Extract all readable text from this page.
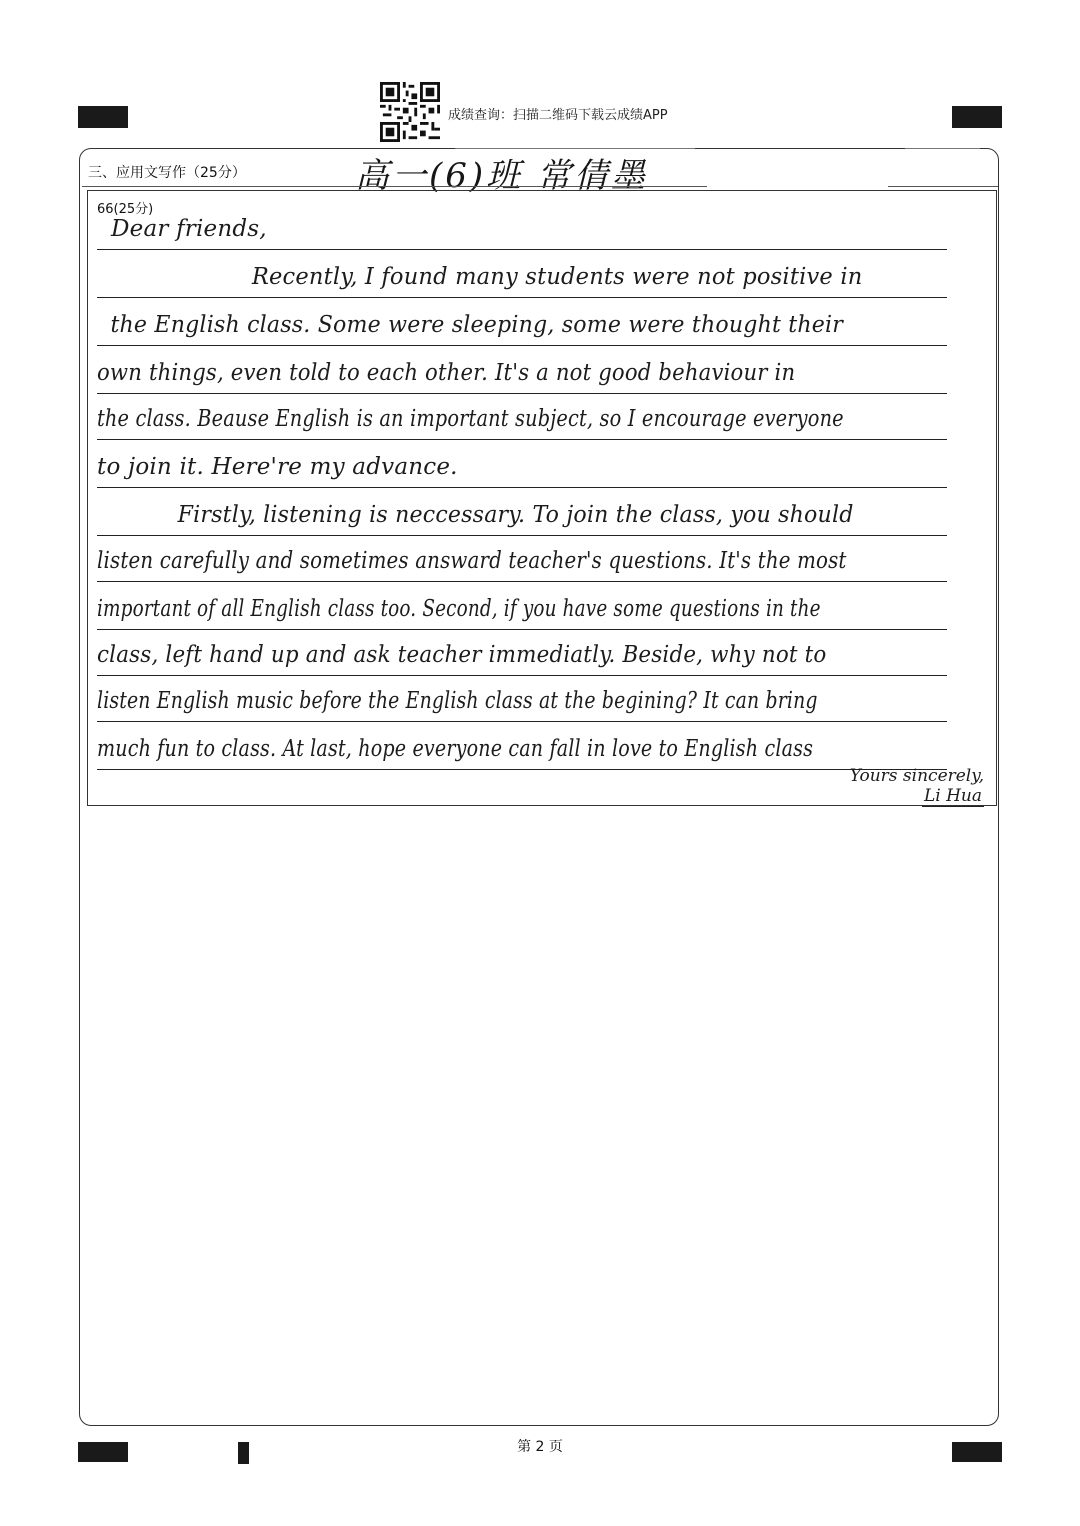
成绩查询：扫描二维码下载云成绩APP
三、应用文写作（25分）	高一(6)班 常倩墨
66(25分)
Dear friends,
Recently, I found many students were not positive in
the English class. Some were sleeping, some were thought their
own things, even told to each other. It's a not good behaviour in
the class. Beause English is an important subject, so I encourage everyone
to join it. Here're my advance.
Firstly, listening is neccessary. To join the class, you should
listen carefully and sometimes answard teacher's questions. It's the most
important of all English class too. Second, if you have some questions in the
class, left hand up and ask teacher immediatly. Beside, why not to
listen English music before the English class at the begining? It can bring
much fun to class. At last, hope everyone can fall in love to English class
Yours sincerely,
Li Hua
第 2 页
